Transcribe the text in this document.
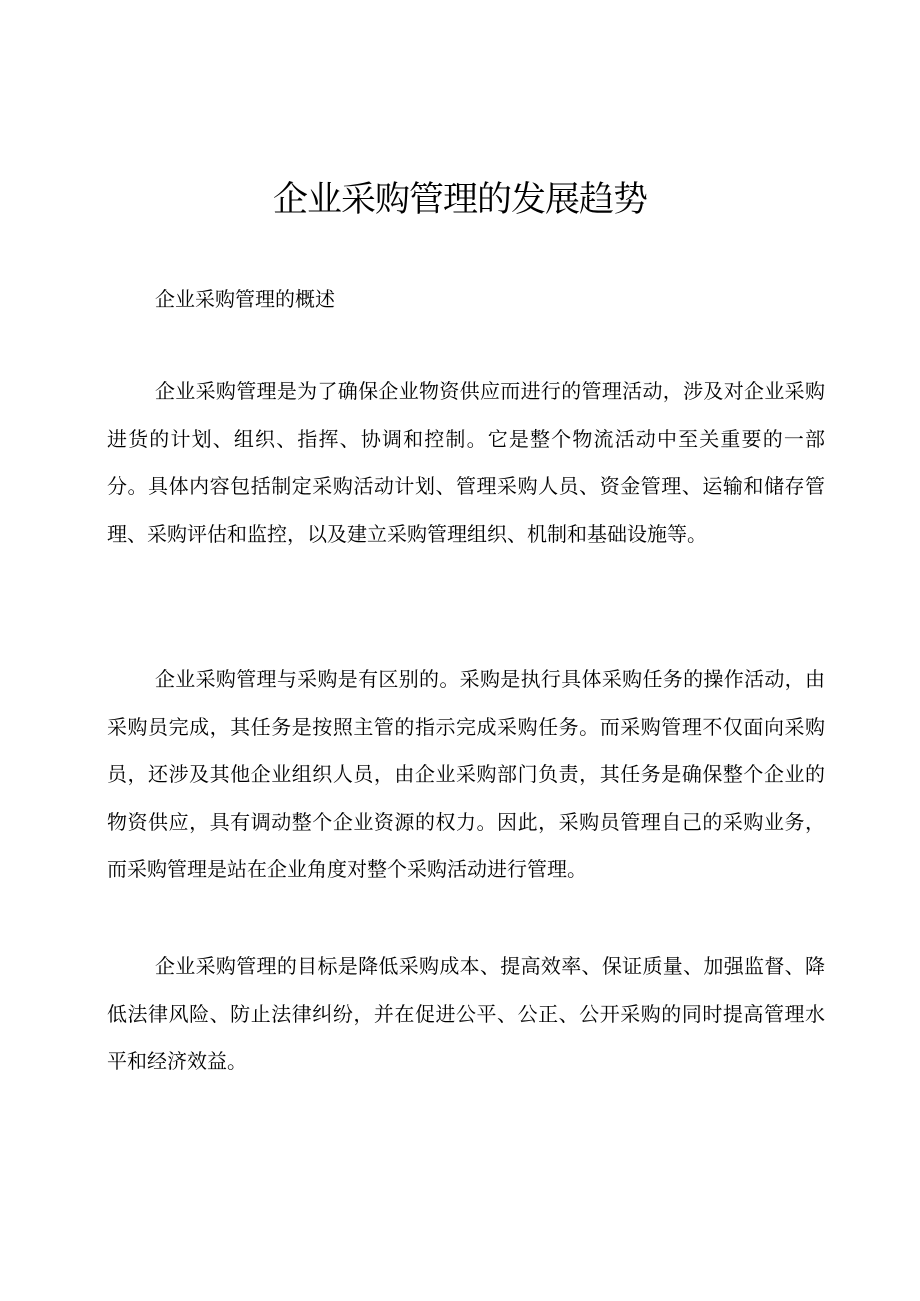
企业采购管理的发展趋势
企业采购管理的概述

企业采购管理是为了确保企业物资供应而进行的管理活动，涉及对企业采购进货的计划、组织、指挥、协调和控制。它是整个物流活动中至关重要的一部分。具体内容包括制定采购活动计划、管理采购人员、资金管理、运输和储存管理、采购评估和监控，以及建立采购管理组织、机制和基础设施等。

企业采购管理与采购是有区别的。采购是执行具体采购任务的操作活动，由采购员完成，其任务是按照主管的指示完成采购任务。而采购管理不仅面向采购员，还涉及其他企业组织人员，由企业采购部门负责，其任务是确保整个企业的物资供应，具有调动整个企业资源的权力。因此，采购员管理自己的采购业务，而采购管理是站在企业角度对整个采购活动进行管理。

企业采购管理的目标是降低采购成本、提高效率、保证质量、加强监督、降低法律风险、防止法律纠纷，并在促进公平、公正、公开采购的同时提高管理水平和经济效益。
